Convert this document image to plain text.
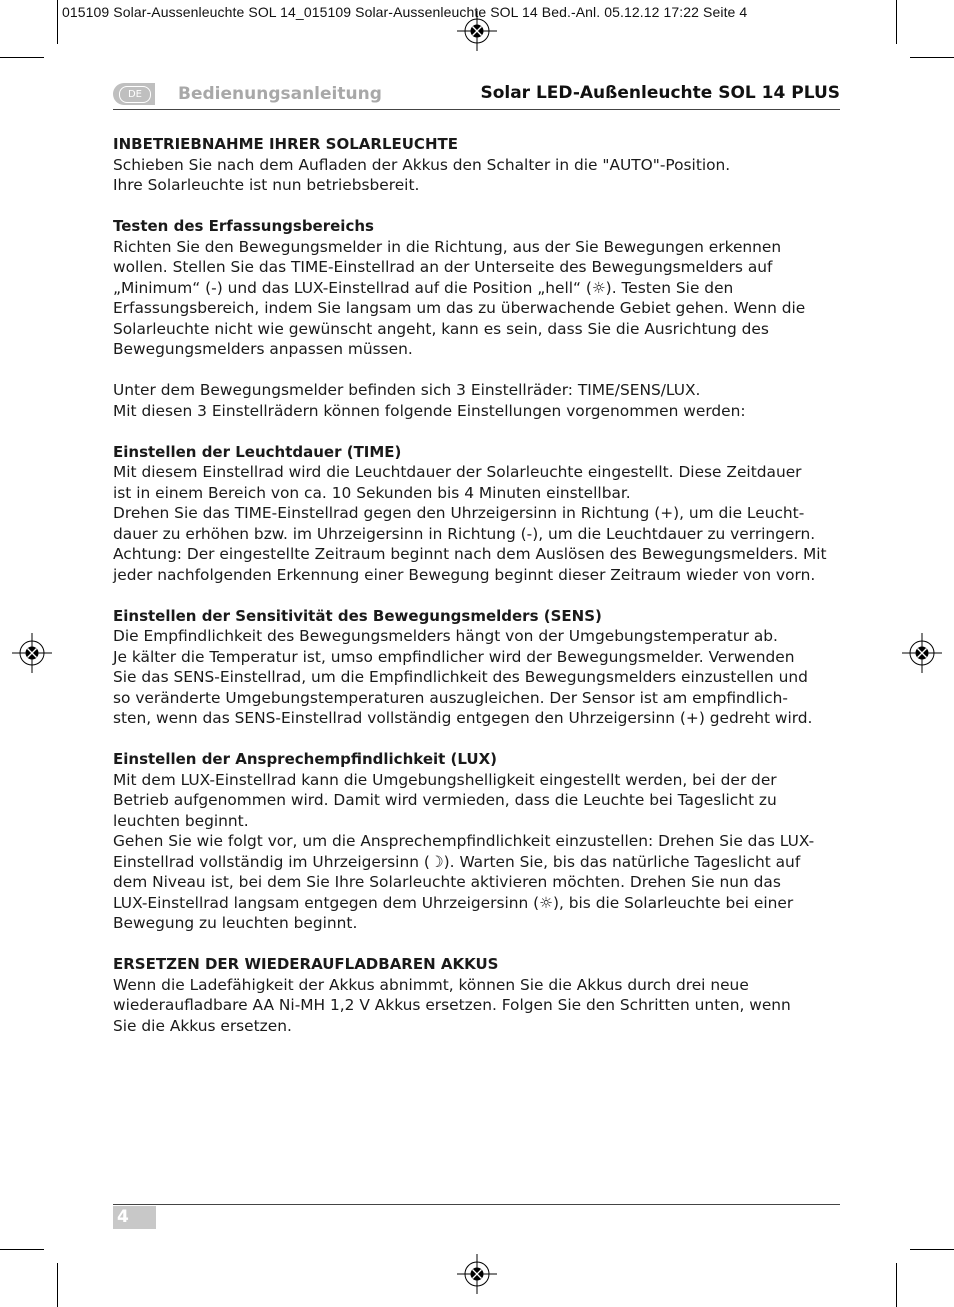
015109 Solar-Aussenleuchte SOL 14_015109 Solar-Aussenleuchte SOL 14 Bed.-Anl. 05.12.12 17:22 Seite 4
DE	Bedienungsanleitung	Solar LED-Außenleuchte SOL 14 PLUS
INBETRIEBNAHME IHRER SOLARLEUCHTE

Schieben Sie nach dem Aufladen der Akkus den Schalter in die "AUTO"-Position.

Ihre Solarleuchte ist nun betriebsbereit.

Testen des Erfassungsbereichs

Richten Sie den Bewegungsmelder in die Richtung, aus der Sie Bewegungen erkennen

wollen. Stellen Sie das TIME-Einstellrad an der Unterseite des Bewegungsmelders auf

„Minimum“ (-) und das LUX-Einstellrad auf die Position „hell“ (☼). Testen Sie den

Erfassungsbereich, indem Sie langsam um das zu überwachende Gebiet gehen. Wenn die

Solarleuchte nicht wie gewünscht angeht, kann es sein, dass Sie die Ausrichtung des

Bewegungsmelders anpassen müssen.

Unter dem Bewegungsmelder befinden sich 3 Einstellräder: TIME/SENS/LUX.

Mit diesen 3 Einstellrädern können folgende Einstellungen vorgenommen werden:

Einstellen der Leuchtdauer (TIME)

Mit diesem Einstellrad wird die Leuchtdauer der Solarleuchte eingestellt. Diese Zeitdauer

ist in einem Bereich von ca. 10 Sekunden bis 4 Minuten einstellbar.

Drehen Sie das TIME-Einstellrad gegen den Uhrzeigersinn in Richtung (+), um die Leucht-

dauer zu erhöhen bzw. im Uhrzeigersinn in Richtung (-), um die Leuchtdauer zu verringern.

Achtung: Der eingestellte Zeitraum beginnt nach dem Auslösen des Bewegungsmelders. Mit

jeder nachfolgenden Erkennung einer Bewegung beginnt dieser Zeitraum wieder von vorn.

Einstellen der Sensitivität des Bewegungsmelders (SENS)

Die Empfindlichkeit des Bewegungsmelders hängt von der Umgebungstemperatur ab.

Je kälter die Temperatur ist, umso empfindlicher wird der Bewegungsmelder. Verwenden

Sie das SENS-Einstellrad, um die Empfindlichkeit des Bewegungsmelders einzustellen und

so veränderte Umgebungstemperaturen auszugleichen. Der Sensor ist am empfindlich-

sten, wenn das SENS-Einstellrad vollständig entgegen den Uhrzeigersinn (+) gedreht wird.

Einstellen der Ansprechempfindlichkeit (LUX)

Mit dem LUX-Einstellrad kann die Umgebungshelligkeit eingestellt werden, bei der der

Betrieb aufgenommen wird. Damit wird vermieden, dass die Leuchte bei Tageslicht zu

leuchten beginnt.

Gehen Sie wie folgt vor, um die Ansprechempfindlichkeit einzustellen: Drehen Sie das LUX-

Einstellrad vollständig im Uhrzeigersinn (☽). Warten Sie, bis das natürliche Tageslicht auf

dem Niveau ist, bei dem Sie Ihre Solarleuchte aktivieren möchten. Drehen Sie nun das

LUX-Einstellrad langsam entgegen dem Uhrzeigersinn (☼), bis die Solarleuchte bei einer

Bewegung zu leuchten beginnt.

ERSETZEN DER WIEDERAUFLADBAREN AKKUS

Wenn die Ladefähigkeit der Akkus abnimmt, können Sie die Akkus durch drei neue

wiederaufladbare AA Ni-MH 1,2 V Akkus ersetzen. Folgen Sie den Schritten unten, wenn

Sie die Akkus ersetzen.

4
